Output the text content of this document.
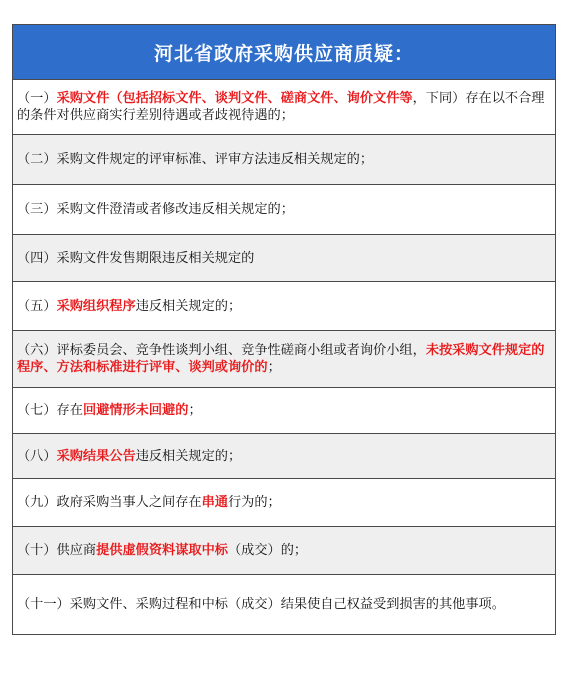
河北省政府采购供应商质疑：
（一）采购文件（包括招标文件、谈判文件、磋商文件、询价文件等，下同）存在以不合理的条件对供应商实行差别待遇或者歧视待遇的；
（二）采购文件规定的评审标准、评审方法违反相关规定的；
（三）采购文件澄清或者修改违反相关规定的；
（四）采购文件发售期限违反相关规定的
（五）采购组织程序违反相关规定的；
（六）评标委员会、竞争性谈判小组、竞争性磋商小组或者询价小组，未按采购文件规定的程序、方法和标准进行评审、谈判或询价的；
（七）存在回避情形未回避的；
（八）采购结果公告违反相关规定的；
（九）政府采购当事人之间存在串通行为的；
（十）供应商提供虚假资料谋取中标（成交）的；
（十一）采购文件、采购过程和中标（成交）结果使自己权益受到损害的其他事项。
